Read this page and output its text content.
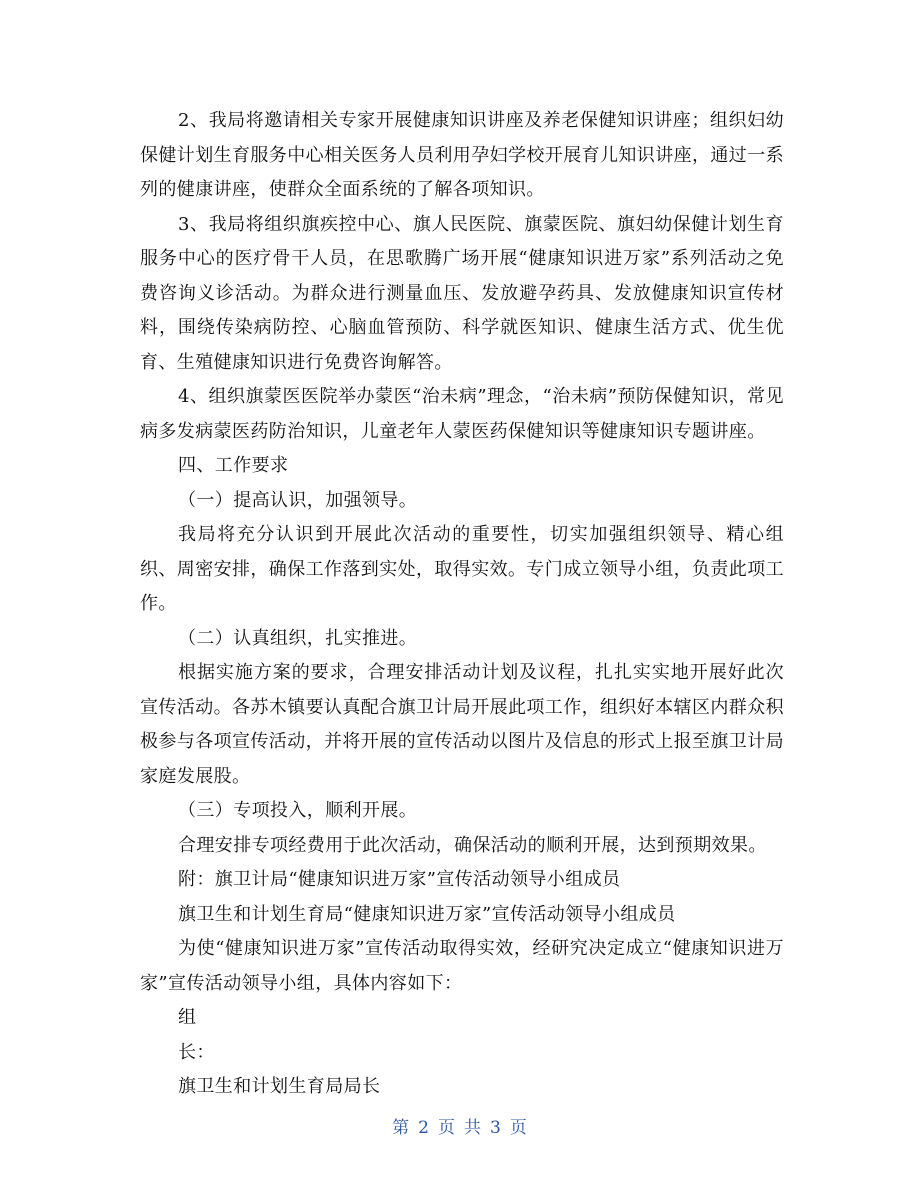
2、我局将邀请相关专家开展健康知识讲座及养老保健知识讲座；组织妇幼保健计划生育服务中心相关医务人员利用孕妇学校开展育儿知识讲座，通过一系列的健康讲座，使群众全面系统的了解各项知识。

3、我局将组织旗疾控中心、旗人民医院、旗蒙医院、旗妇幼保健计划生育服务中心的医疗骨干人员，在思歌腾广场开展“健康知识进万家”系列活动之免费咨询义诊活动。为群众进行测量血压、发放避孕药具、发放健康知识宣传材料，围绕传染病防控、心脑血管预防、科学就医知识、健康生活方式、优生优育、生殖健康知识进行免费咨询解答。

4、组织旗蒙医医院举办蒙医“治未病”理念，“治未病”预防保健知识，常见病多发病蒙医药防治知识，儿童老年人蒙医药保健知识等健康知识专题讲座。

四、工作要求

（一）提高认识，加强领导。

我局将充分认识到开展此次活动的重要性，切实加强组织领导、精心组织、周密安排，确保工作落到实处，取得实效。专门成立领导小组，负责此项工作。

（二）认真组织，扎实推进。

根据实施方案的要求，合理安排活动计划及议程，扎扎实实地开展好此次宣传活动。各苏木镇要认真配合旗卫计局开展此项工作，组织好本辖区内群众积极参与各项宣传活动，并将开展的宣传活动以图片及信息的形式上报至旗卫计局家庭发展股。

（三）专项投入，顺利开展。

合理安排专项经费用于此次活动，确保活动的顺利开展，达到预期效果。

附：旗卫计局“健康知识进万家”宣传活动领导小组成员

旗卫生和计划生育局“健康知识进万家”宣传活动领导小组成员

为使“健康知识进万家”宣传活动取得实效，经研究决定成立“健康知识进万家”宣传活动领导小组，具体内容如下：

组

长：

旗卫生和计划生育局局长

第 2 页 共 3 页
